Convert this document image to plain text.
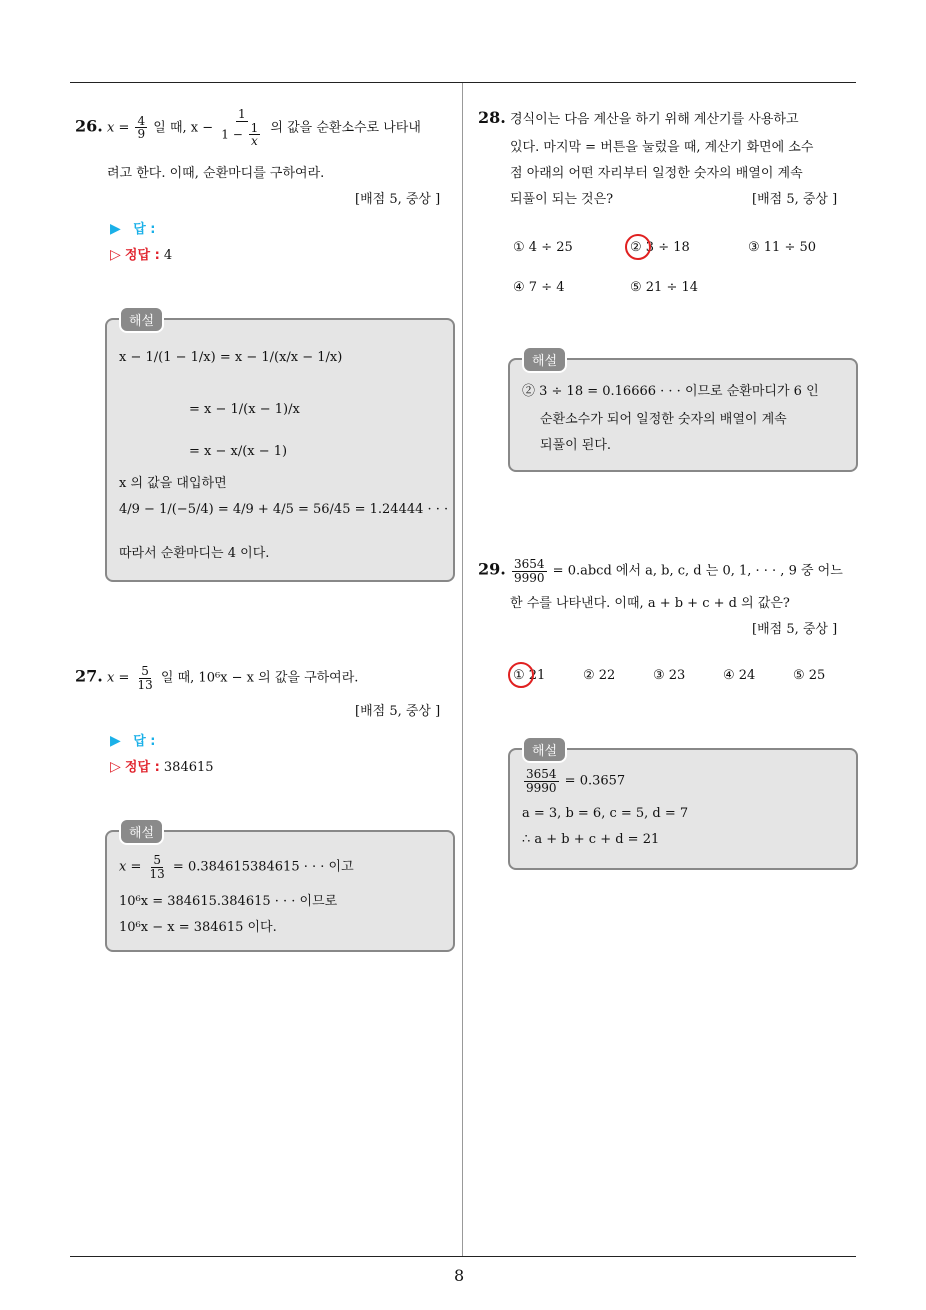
8
26. $x = \frac{4}{9}$ 일 때, $x - \frac{1}{1 - \frac{1}{x}}$ 의 값을 순환소수로 나타내
려고 한다. 이때, 순환마디를 구하여라.
[배점 5, 중상 ]
▶ 답 :
▷ 정답 : 4
해설
x − 1/(1 − 1/x) = x − 1/(x/x − 1/x)
= x − 1/(x − 1)/x
= x − x/(x − 1)
x 의 값을 대입하면
4/9 − 1/(−5/4) = 4/9 + 4/5 = 56/45 = 1.24444 · · ·
따라서 순환마디는 4 이다.
27. $x = \frac{5}{13}$ 일 때, 10⁶x − x 의 값을 구하여라.
[배점 5, 중상 ]
▶ 답 :
▷ 정답 : 384615
해설
$x = \frac{5}{13} = 0.384615384615$ · · · 이고
10⁶x = 384615.384615 · · · 이므로
10⁶x − x = 384615 이다.
28. 경식이는 다음 계산을 하기 위해 계산기를 사용하고
있다. 마지막 = 버튼을 눌렀을 때, 계산기 화면에 소수
점 아래의 어떤 자리부터 일정한 숫자의 배열이 계속
되풀이 되는 것은?	[배점 5, 중상 ]
① 4 ÷ 25	② 3 ÷ 18	③ 11 ÷ 50
④ 7 ÷ 4	⑤ 21 ÷ 14
해설
② 3 ÷ 18 = 0.16666 · · · 이므로 순환마디가 6 인
순환소수가 되어 일정한 숫자의 배열이 계속
되풀이 된다.
29. $\frac{3654}{9990}$ = 0.abcd 에서 a, b, c, d 는 0, 1, · · · , 9 중 어느
한 수를 나타낸다. 이때, a + b + c + d 의 값은?
[배점 5, 중상 ]
① 21	② 22	③ 23	④ 24	⑤ 25
해설
$\frac{3654}{9990} = 0.3657$
a = 3, b = 6, c = 5, d = 7
∴ a + b + c + d = 21
